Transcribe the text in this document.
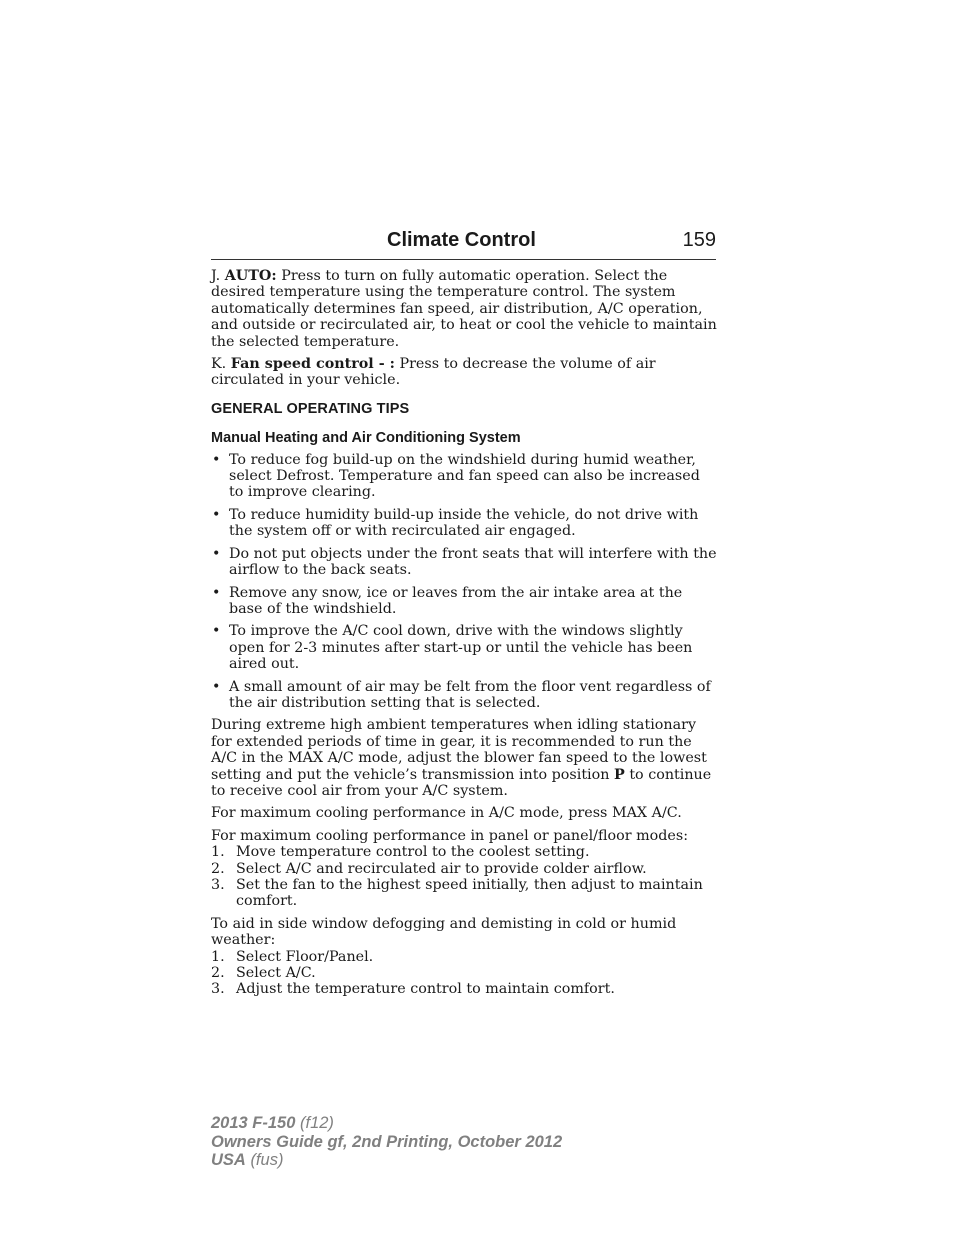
Climate Control	159

J. AUTO: Press to turn on fully automatic operation. Select the desired temperature using the temperature control. The system automatically determines fan speed, air distribution, A/C operation, and outside or recirculated air, to heat or cool the vehicle to maintain the selected temperature.

K. Fan speed control - : Press to decrease the volume of air circulated in your vehicle.

GENERAL OPERATING TIPS
Manual Heating and Air Conditioning System
• To reduce fog build-up on the windshield during humid weather, select Defrost. Temperature and fan speed can also be increased to improve clearing.
• To reduce humidity build-up inside the vehicle, do not drive with the system off or with recirculated air engaged.
• Do not put objects under the front seats that will interfere with the airflow to the back seats.
• Remove any snow, ice or leaves from the air intake area at the base of the windshield.
• To improve the A/C cool down, drive with the windows slightly open for 2-3 minutes after start-up or until the vehicle has been aired out.
• A small amount of air may be felt from the floor vent regardless of the air distribution setting that is selected.

During extreme high ambient temperatures when idling stationary for extended periods of time in gear, it is recommended to run the A/C in the MAX A/C mode, adjust the blower fan speed to the lowest setting and put the vehicle’s transmission into position P to continue to receive cool air from your A/C system.

For maximum cooling performance in A/C mode, press MAX A/C.

For maximum cooling performance in panel or panel/floor modes:
1. Move temperature control to the coolest setting.
2. Select A/C and recirculated air to provide colder airflow.
3. Set the fan to the highest speed initially, then adjust to maintain comfort.
To aid in side window defogging and demisting in cold or humid weather:
1. Select Floor/Panel.
2. Select A/C.
3. Adjust the temperature control to maintain comfort.
2013 F-150 (f12)
Owners Guide gf, 2nd Printing, October 2012
USA (fus)
